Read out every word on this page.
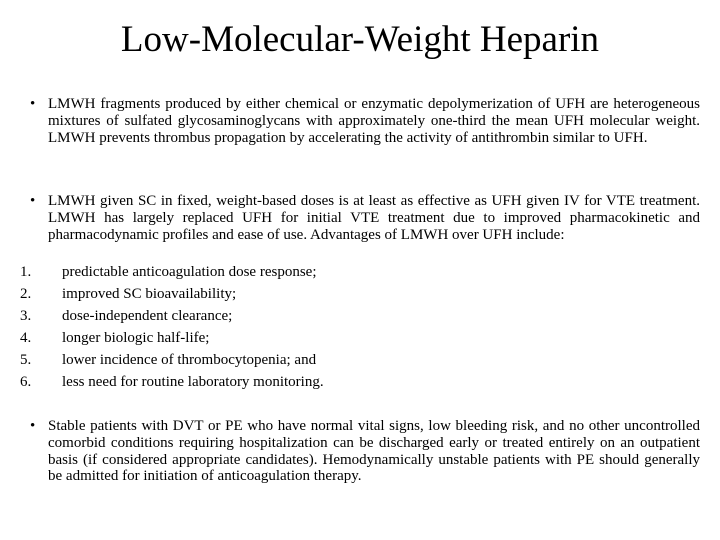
Low-Molecular-Weight Heparin
• LMWH fragments produced by either chemical or enzymatic depolymerization of UFH are heterogeneous mixtures of sulfated glycosaminoglycans with approximately one-third the mean UFH molecular weight. LMWH prevents thrombus propagation by accelerating the activity of antithrombin similar to UFH.
• LMWH given SC in fixed, weight-based doses is at least as effective as UFH given IV for VTE treatment. LMWH has largely replaced UFH for initial VTE treatment due to improved pharmacokinetic and pharmacodynamic profiles and ease of use. Advantages of LMWH over UFH include:
1. predictable anticoagulation dose response;
2. improved SC bioavailability;
3. dose-independent clearance;
4. longer biologic half-life;
5. lower incidence of thrombocytopenia; and
6. less need for routine laboratory monitoring.
• Stable patients with DVT or PE who have normal vital signs, low bleeding risk, and no other uncontrolled comorbid conditions requiring hospitalization can be discharged early or treated entirely on an outpatient basis (if considered appropriate candidates). Hemodynamically unstable patients with PE should generally be admitted for initiation of anticoagulation therapy.
